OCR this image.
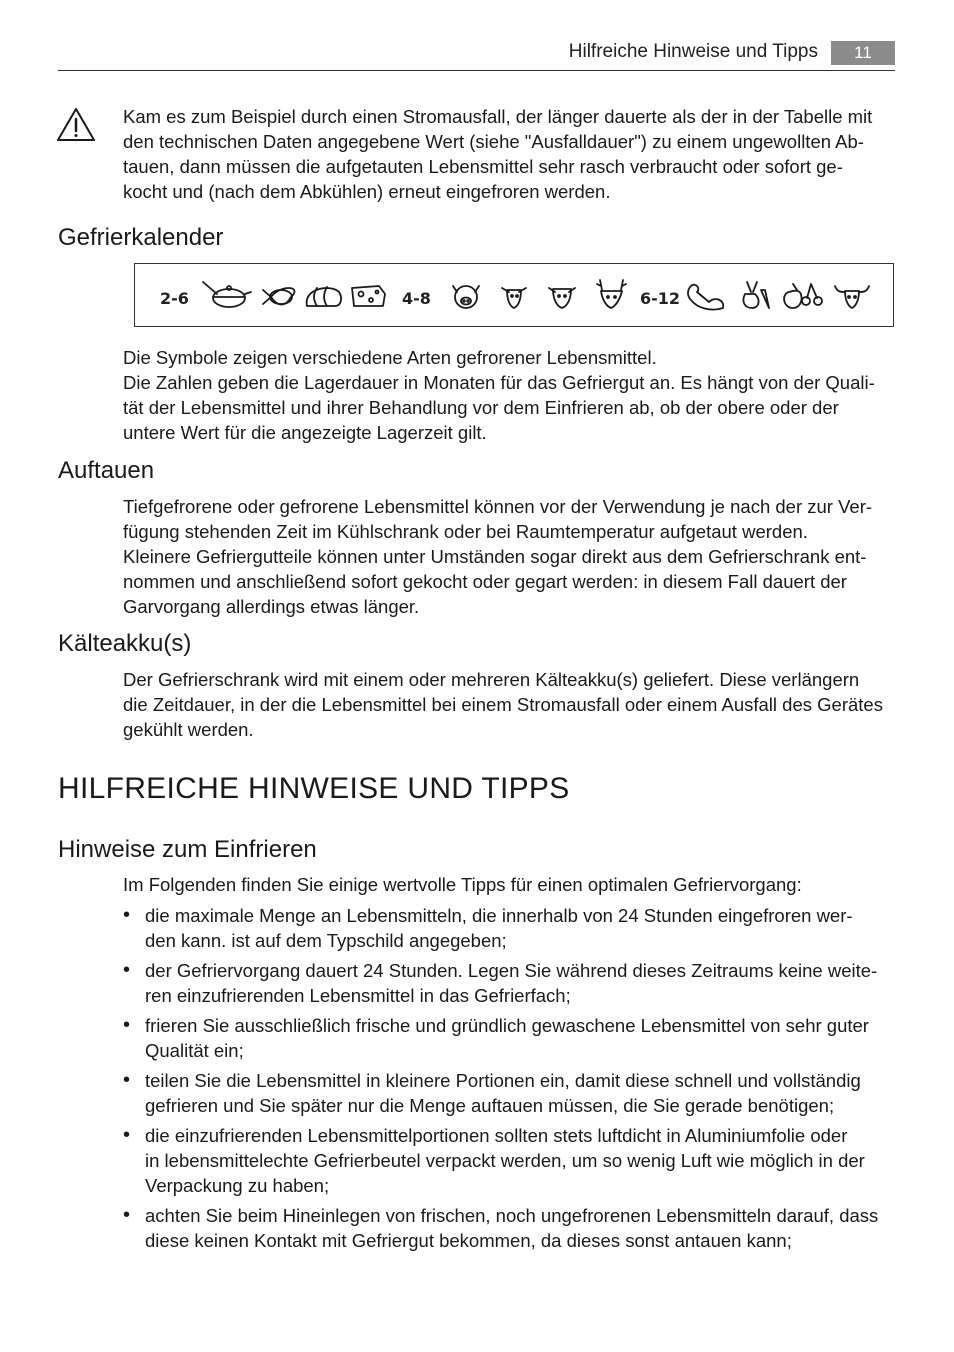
Hilfreiche Hinweise und Tipps	11
Kam es zum Beispiel durch einen Stromausfall, der länger dauerte als der in der Tabelle mit
den technischen Daten angegebene Wert (siehe "Ausfalldauer") zu einem ungewollten Ab-
tauen, dann müssen die aufgetauten Lebensmittel sehr rasch verbraucht oder sofort ge-
kocht und (nach dem Abkühlen) erneut eingefroren werden.
Gefrierkalender
2-6	4-8	6-12
Die Symbole zeigen verschiedene Arten gefrorener Lebensmittel.
Die Zahlen geben die Lagerdauer in Monaten für das Gefriergut an. Es hängt von der Quali-
tät der Lebensmittel und ihrer Behandlung vor dem Einfrieren ab, ob der obere oder der
untere Wert für die angezeigte Lagerzeit gilt.
Auftauen
Tiefgefrorene oder gefrorene Lebensmittel können vor der Verwendung je nach der zur Ver-
fügung stehenden Zeit im Kühlschrank oder bei Raumtemperatur aufgetaut werden.
Kleinere Gefriergutteile können unter Umständen sogar direkt aus dem Gefrierschrank ent-
nommen und anschließend sofort gekocht oder gegart werden: in diesem Fall dauert der
Garvorgang allerdings etwas länger.
Kälteakku(s)
Der Gefrierschrank wird mit einem oder mehreren Kälteakku(s) geliefert. Diese verlängern
die Zeitdauer, in der die Lebensmittel bei einem Stromausfall oder einem Ausfall des Gerätes
gekühlt werden.
HILFREICHE HINWEISE UND TIPPS
Hinweise zum Einfrieren
Im Folgenden finden Sie einige wertvolle Tipps für einen optimalen Gefriervorgang:
• die maximale Menge an Lebensmitteln, die innerhalb von 24 Stunden eingefroren wer-
den kann. ist auf dem Typschild angegeben;
• der Gefriervorgang dauert 24 Stunden. Legen Sie während dieses Zeitraums keine weite-
ren einzufrierenden Lebensmittel in das Gefrierfach;
• frieren Sie ausschließlich frische und gründlich gewaschene Lebensmittel von sehr guter
Qualität ein;
• teilen Sie die Lebensmittel in kleinere Portionen ein, damit diese schnell und vollständig
gefrieren und Sie später nur die Menge auftauen müssen, die Sie gerade benötigen;
• die einzufrierenden Lebensmittelportionen sollten stets luftdicht in Aluminiumfolie oder
in lebensmittelechte Gefrierbeutel verpackt werden, um so wenig Luft wie möglich in der
Verpackung zu haben;
• achten Sie beim Hineinlegen von frischen, noch ungefrorenen Lebensmitteln darauf, dass
diese keinen Kontakt mit Gefriergut bekommen, da dieses sonst antauen kann;
